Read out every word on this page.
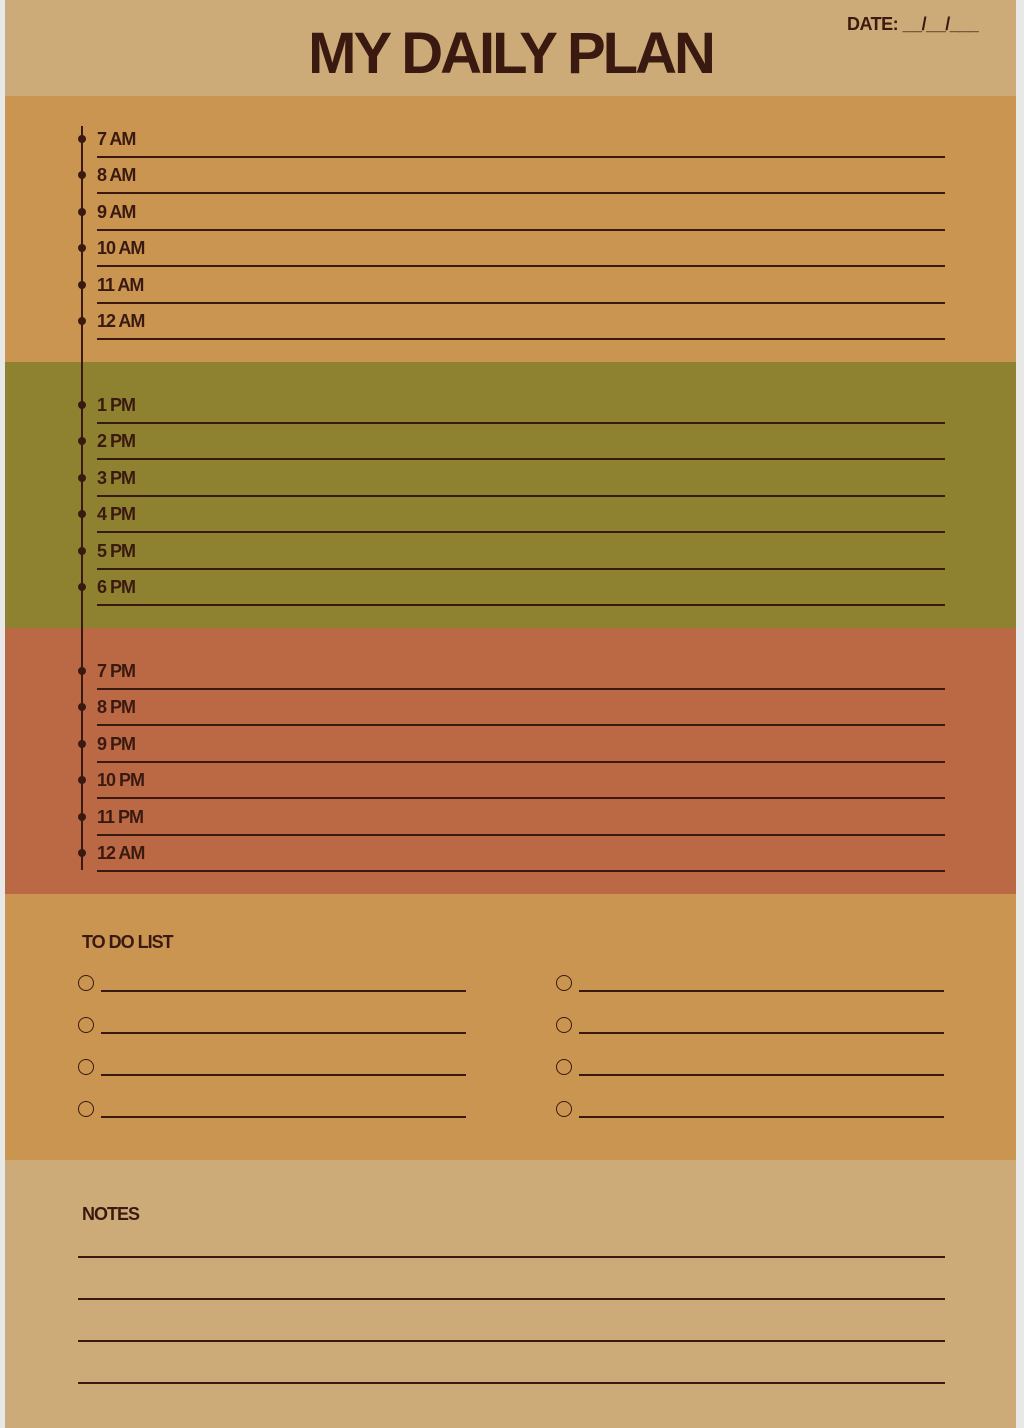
MY DAILY PLAN	DATE: __/__/___
7 AM
8 AM
9 AM
10 AM
11 AM
12 AM
1 PM
2 PM
3 PM
4 PM
5 PM
6 PM
7 PM
8 PM
9 PM
10 PM
11 PM
12 AM
TO DO LIST
NOTES
